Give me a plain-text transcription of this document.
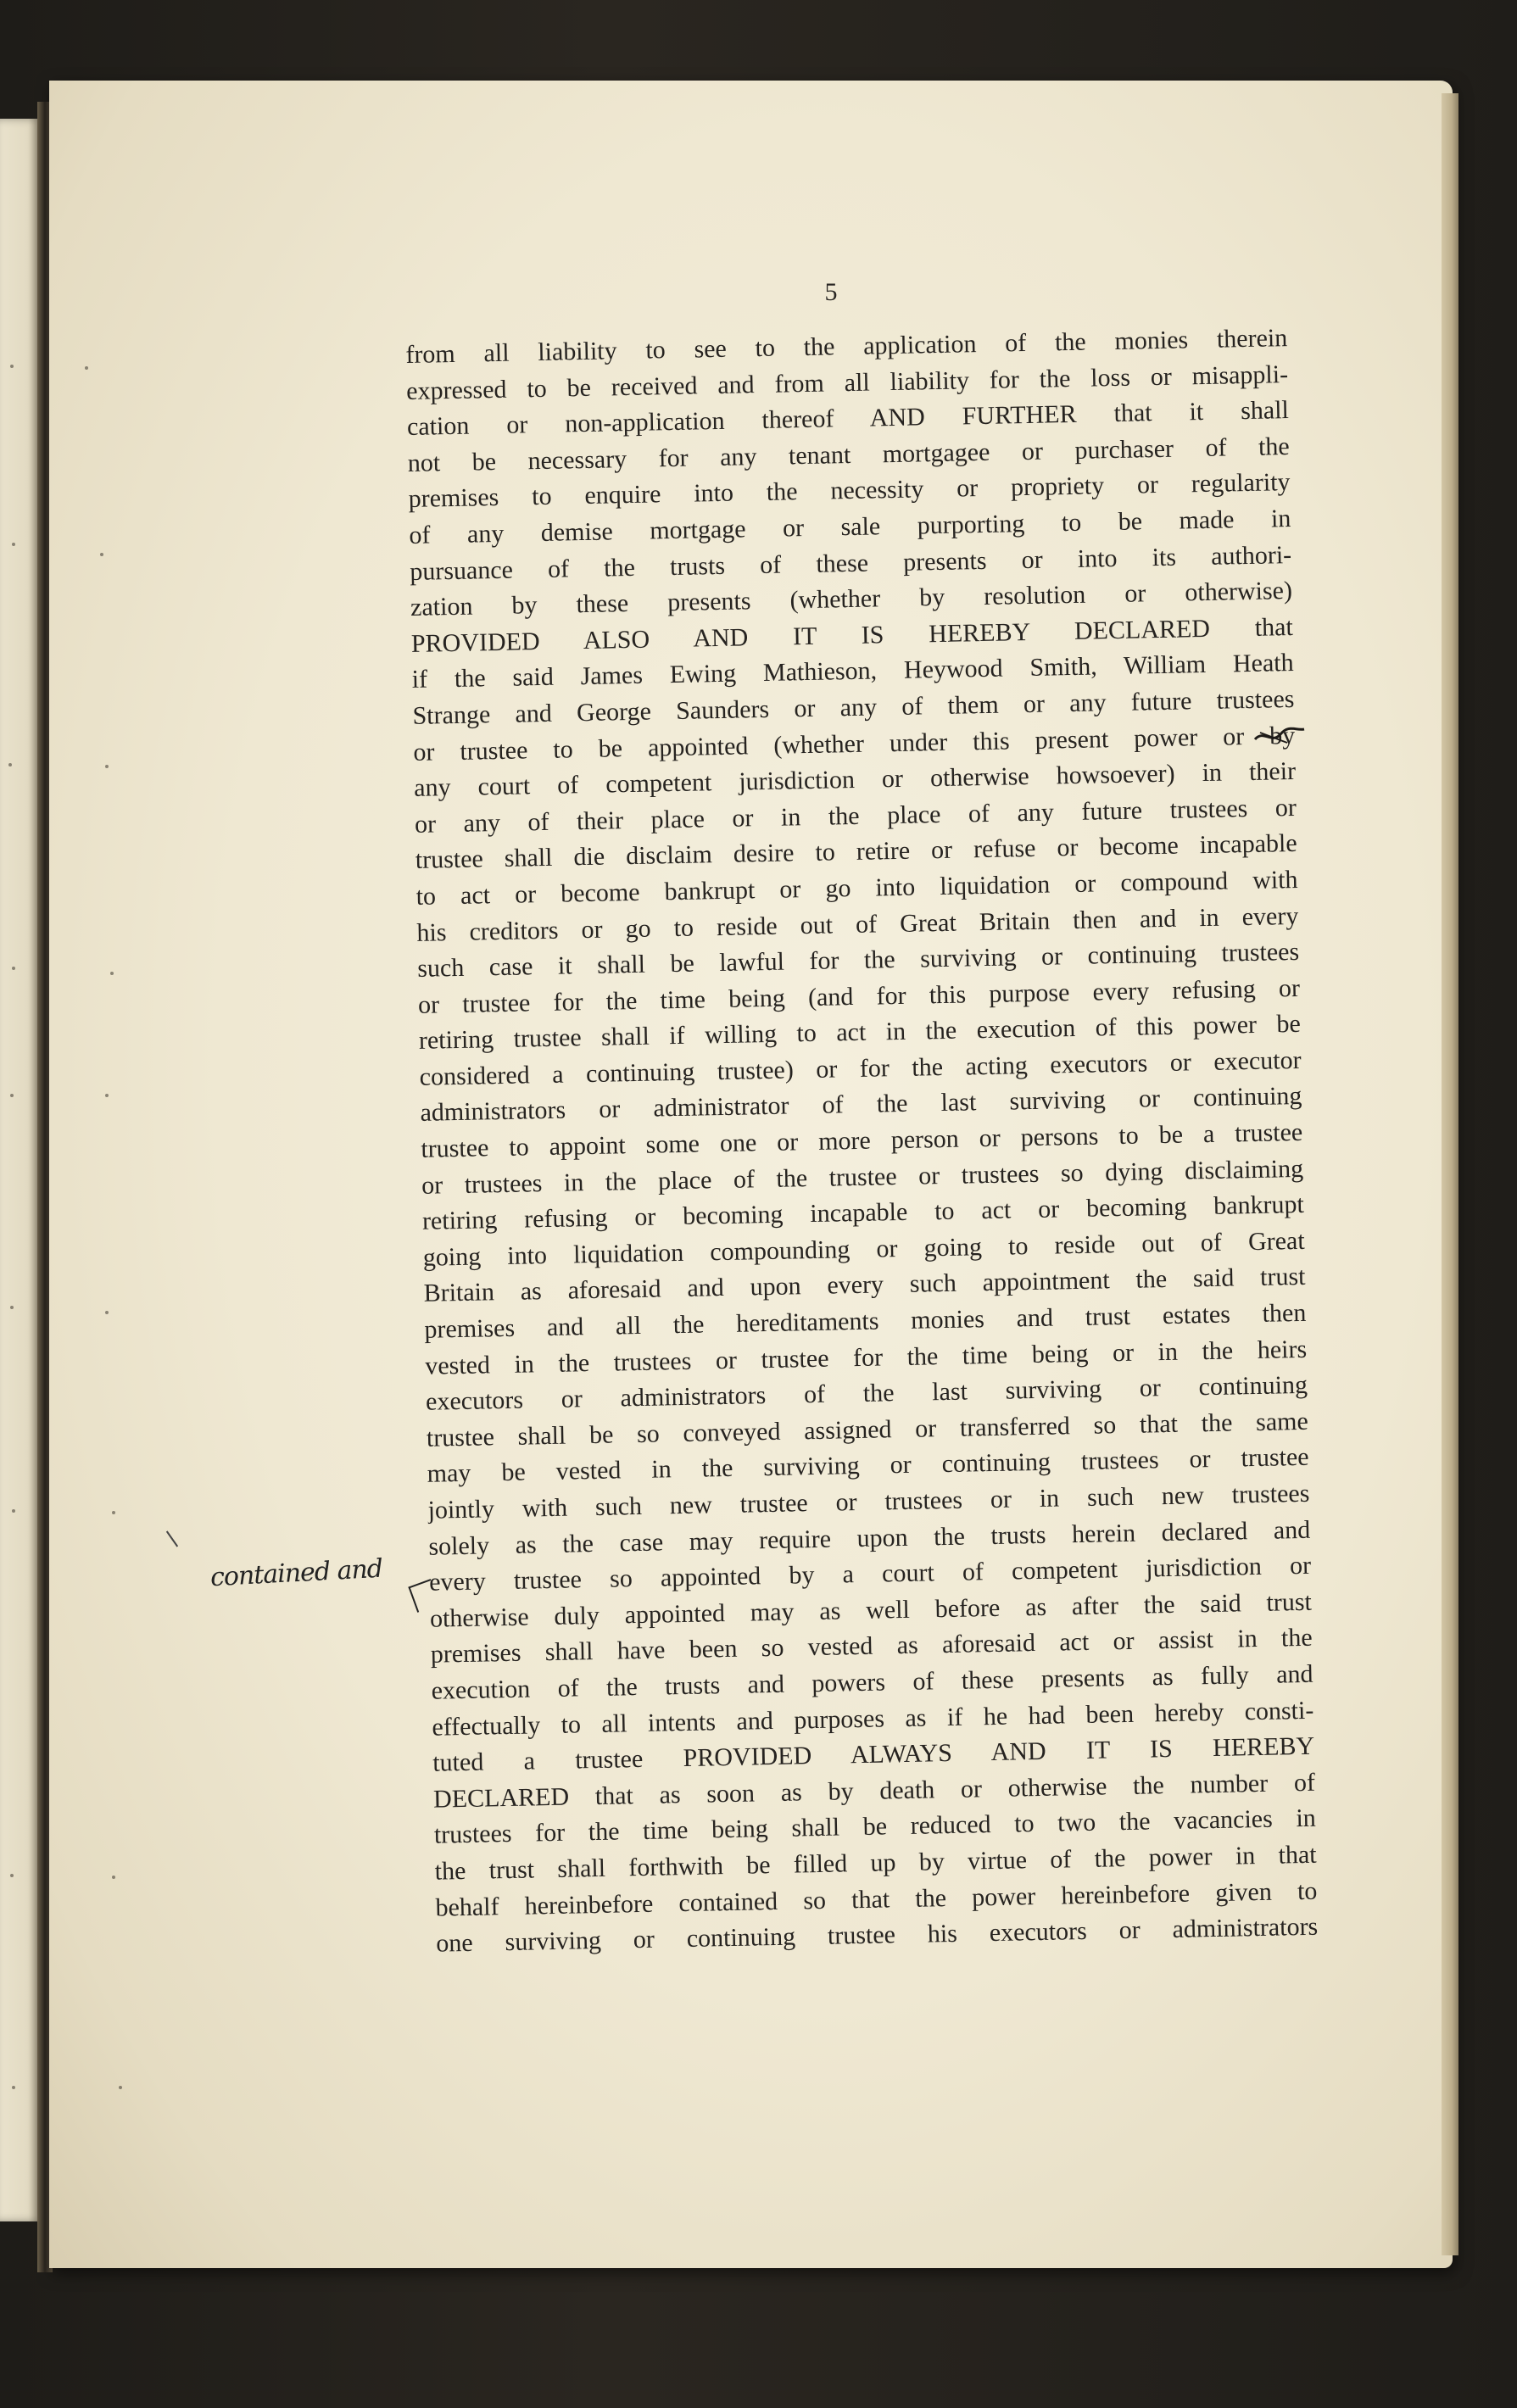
5
from all liability to see to the application of the monies therein
expressed to be received and from all liability for the loss or misappli-
cation or non-application thereof AND FURTHER that it shall
not be necessary for any tenant mortgagee or purchaser of the
premises to enquire into the necessity or propriety or regularity
of any demise mortgage or sale purporting to be made in
pursuance of the trusts of these presents or into its authori-
zation by these presents (whether by resolution or otherwise)
PROVIDED ALSO AND IT IS HEREBY DECLARED that
if the said James Ewing Mathieson, Heywood Smith, William Heath
Strange and George Saunders or any of them or any future trustees
or trustee to be appointed (whether under this present power or by
any court of competent jurisdiction or otherwise howsoever) in their
or any of their place or in the place of any future trustees or
trustee shall die disclaim desire to retire or refuse or become incapable
to act or become bankrupt or go into liquidation or compound with
his creditors or go to reside out of Great Britain then and in every
such case it shall be lawful for the surviving or continuing trustees
or trustee for the time being (and for this purpose every refusing or
retiring trustee shall if willing to act in the execution of this power be
considered a continuing trustee) or for the acting executors or executor
administrators or administrator of the last surviving or continuing
trustee to appoint some one or more person or persons to be a trustee
or trustees in the place of the trustee or trustees so dying disclaiming
retiring refusing or becoming incapable to act or becoming bankrupt
going into liquidation compounding or going to reside out of Great
Britain as aforesaid and upon every such appointment the said trust
premises and all the hereditaments monies and trust estates then
vested in the trustees or trustee for the time being or in the heirs
executors or administrators of the last surviving or continuing
trustee shall be so conveyed assigned or transferred so that the same
may be vested in the surviving or continuing trustees or trustee
jointly with such new trustee or trustees or in such new trustees
solely as the case may require upon the trusts herein declared and
every trustee so appointed by a court of competent jurisdiction or
otherwise duly appointed may as well before as after the said trust
premises shall have been so vested as aforesaid act or assist in the
execution of the trusts and powers of these presents as fully and
effectually to all intents and purposes as if he had been hereby consti-
tuted a trustee PROVIDED ALWAYS AND IT IS HEREBY
DECLARED that as soon as by death or otherwise the number of
trustees for the time being shall be reduced to two the vacancies in
the trust shall forthwith be filled up by virtue of the power in that
behalf hereinbefore contained so that the power hereinbefore given to
one surviving or continuing trustee his executors or administrators
contained and
